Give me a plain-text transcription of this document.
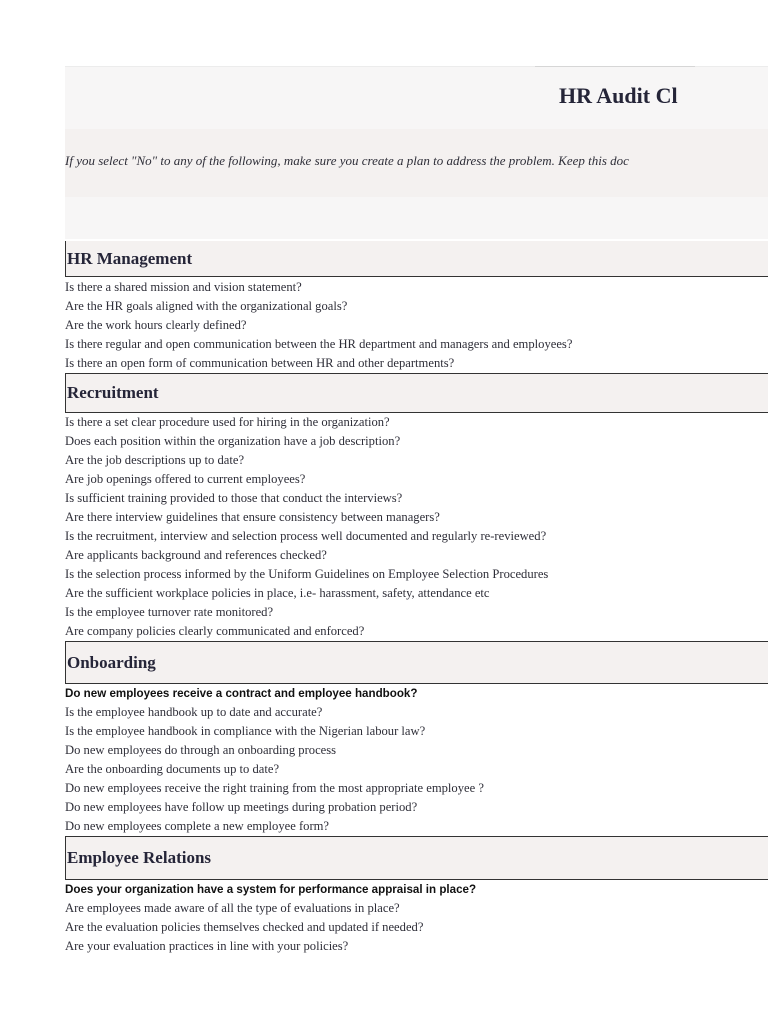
HR Audit Cl
If you select "No" to any of the following, make sure you create a plan to address the problem. Keep this doc
HR Management
Is there a shared mission and vision statement?
Are the HR goals aligned with the organizational goals?
Are the work hours clearly defined?
Is there regular and open communication between the HR department and managers and employees?
Is there an open form of communication between HR and other departments?
Recruitment
Is there a set clear procedure used for hiring in the organization?
Does each position within the organization have a job description?
Are the job descriptions up to date?
Are job openings offered to current employees?
Is sufficient training provided to those that conduct the interviews?
Are there interview guidelines that ensure consistency between managers?
Is the recruitment, interview and selection process well documented and regularly re-reviewed?
Are applicants background and references checked?
Is the selection process informed by the Uniform Guidelines on Employee Selection Procedures
Are the sufficient workplace policies in place, i.e- harassment, safety, attendance etc
Is the employee turnover rate monitored?
Are company policies clearly communicated and enforced?
Onboarding
Do new employees receive a contract and employee handbook?
Is the employee handbook up to date and accurate?
Is the employee handbook in compliance with the Nigerian labour law?
Do new employees do through an onboarding process
Are the onboarding documents up to date?
Do new employees receive the right training from the most appropriate employee ?
Do new employees have follow up meetings during probation period?
Do new employees complete a new employee form?
Employee Relations
Does your organization have a system for performance appraisal in place?
Are employees made aware of all the type of evaluations in place?
Are the evaluation policies themselves checked and updated if needed?
Are your evaluation practices in line with your policies?
